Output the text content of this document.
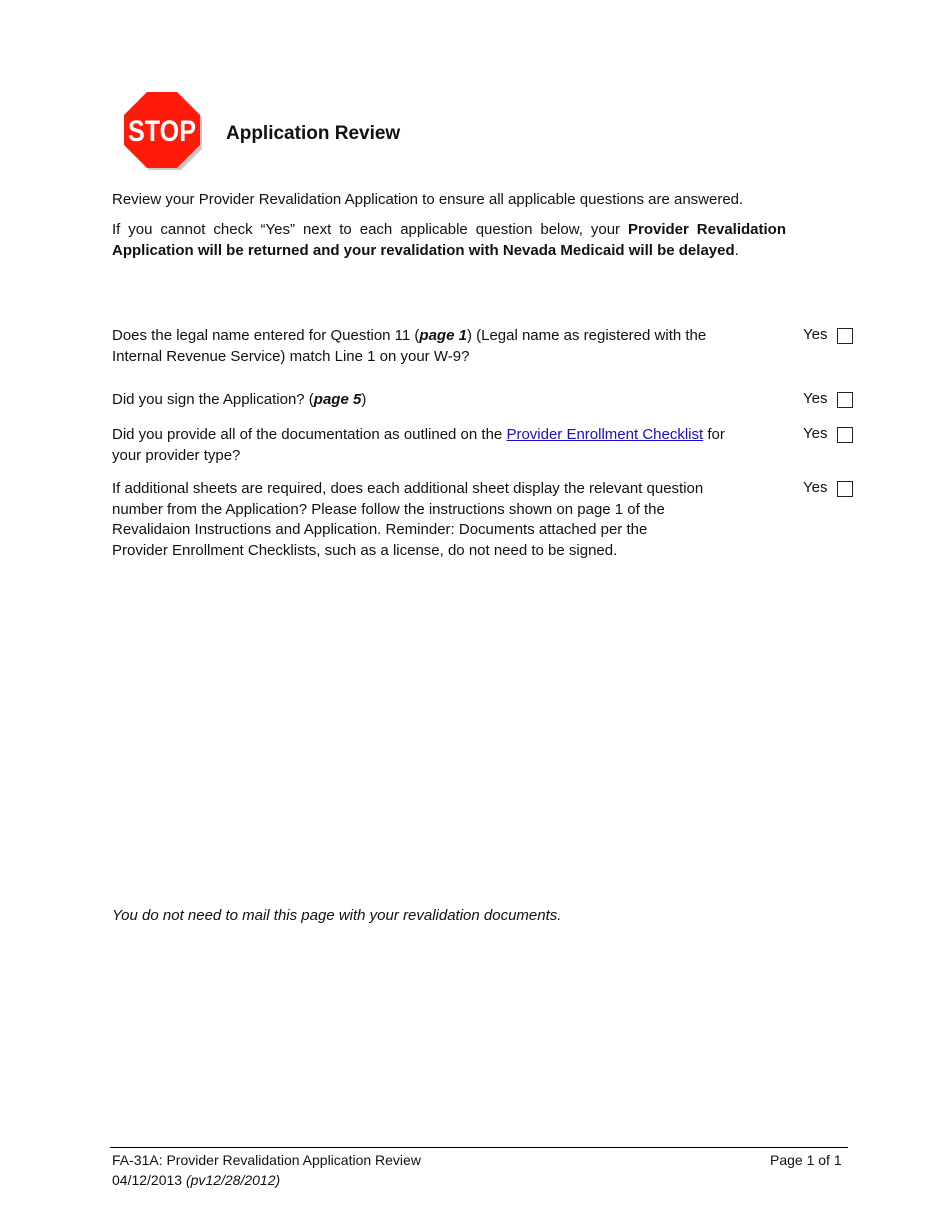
STOP Application Review
Review your Provider Revalidation Application to ensure all applicable questions are answered.
If you cannot check “Yes” next to each applicable question below, your Provider Revalidation Application will be returned and your revalidation with Nevada Medicaid will be delayed.
Does the legal name entered for Question 11 (page 1) (Legal name as registered with the
Internal Revenue Service) match Line 1 on your W-9?
Yes
Did you sign the Application? (page 5)	Yes
Did you provide all of the documentation as outlined on the Provider Enrollment Checklist for
your provider type?
Yes
If additional sheets are required, does each additional sheet display the relevant question
number from the Application? Please follow the instructions shown on page 1 of the
Revalidaion Instructions and Application. Reminder: Documents attached per the
Provider Enrollment Checklists, such as a license, do not need to be signed.
Yes
You do not need to mail this page with your revalidation documents.
FA-31A: Provider Revalidation Application Review
04/12/2013 (pv12/28/2012)
Page 1 of 1
